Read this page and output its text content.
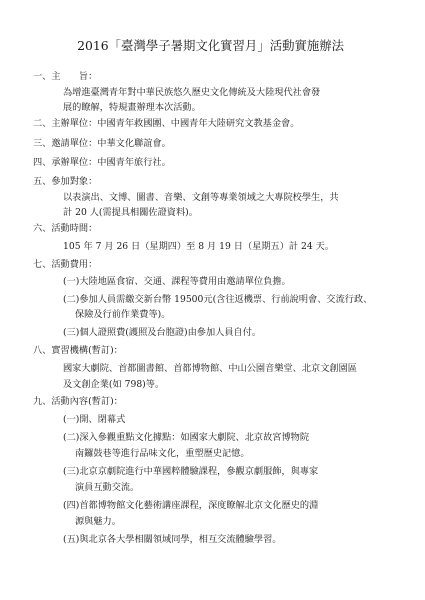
2016「臺灣學子暑期文化實習月」活動實施辦法
一、主　　旨：
為增進臺灣青年對中華民族悠久歷史文化傳統及大陸現代社會發
展的瞭解，特規畫辦理本次活動。
二、主辦單位：中國青年救國團、中國青年大陸研究文教基金會。
三、邀請單位：中華文化聯誼會。
四、承辦單位：中國青年旅行社。
五、參加對象：
以表演出、文博、圖書、音樂、文創等專業領域之大專院校學生，共
計 20 人(需提具相關佐證資料)。
六、活動時間：
105 年 7 月 26 日（星期四）至 8 月 19 日（星期五）計 24 天。
七、活動費用：
(一)大陸地區食宿、交通、課程等費用由邀請單位負擔。
(二)參加人員需繳交新台幣 19500元(含往返機票、行前說明會、交流行政、
保險及行前作業費等)。
(三)個人證照費(護照及台胞證)由參加人員自付。
八、實習機構(暫訂)：
國家大劇院、首都圖書館、首都博物館、中山公園音樂堂、北京文創園區
及文創企業(如 798)等。
九、活動內容(暫訂)：
(一)開、閉幕式
(二)深入參觀重點文化據點：如國家大劇院、北京故宮博物院
南鑼鼓巷等進行品味文化，重塑歷史記憶。
(三)北京京劇院進行中華國粹體驗課程，參觀京劇服飾，與專家
演員互動交流。
(四)首都博物館文化藝術講座課程，深度瞭解北京文化歷史的淵
源與魅力。
(五)與北京各大學相關領域同學，相互交流體驗學習。
